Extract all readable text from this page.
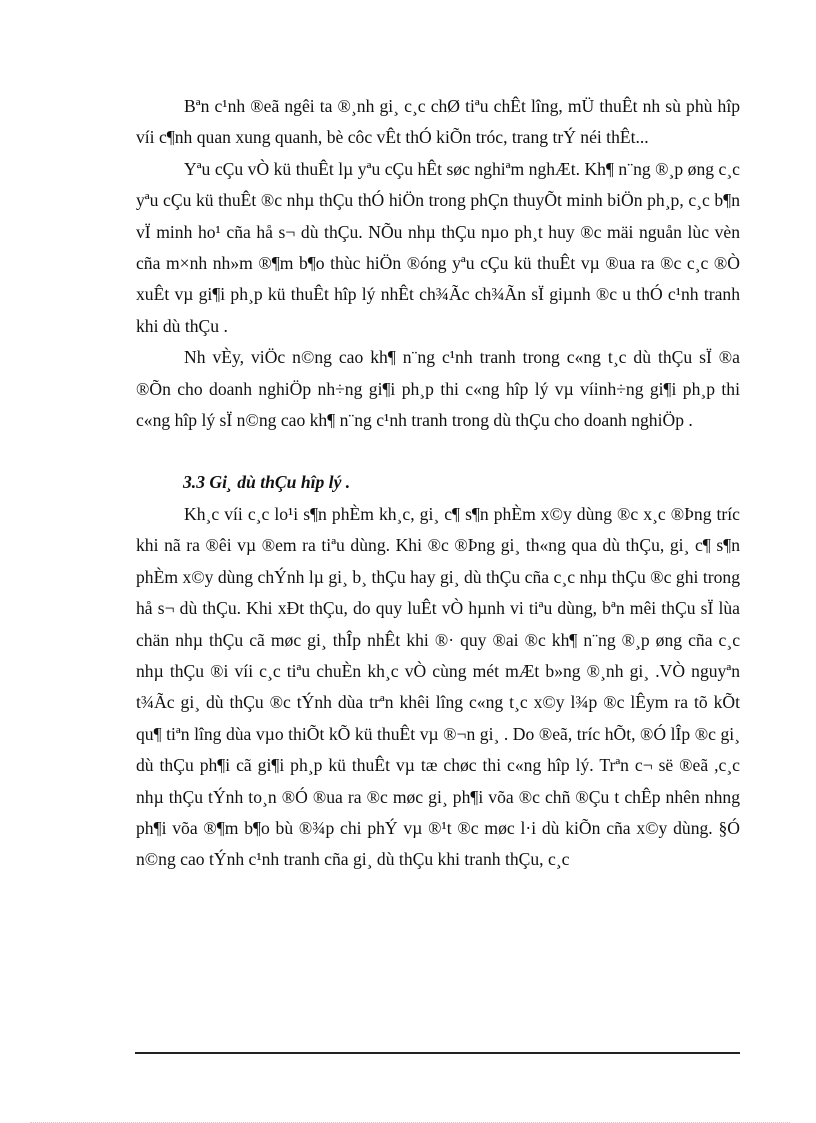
Bªn c¹nh ®eã ngêi ta ®¸nh gi¸ c¸c chØ tiªu chÊt lîng, mÜ thuÊt nh sù phù hîp víi c¶nh quan xung quanh, bè côc vÊt thÓ kiÕn tróc, trang trÝ néi thÊt...

Yªu cÇu vÒ kü thuÊt lµ yªu cÇu hÊt søc nghiªm nghÆt. Kh¶ n¨ng ®¸p øng c¸c yªu cÇu kü thuÊt ®c nhµ thÇu thÓ hiÖn trong phÇn thuyÕt minh biÖn ph¸p, c¸c b¶n vÏ minh ho¹ cña hå s¬ dù thÇu. NÕu nhµ thÇu nµo ph¸t huy ®c mäi nguån lùc vèn cña m×nh nh»m ®¶m b¶o thùc hiÖn ®óng yªu cÇu kü thuÊt vµ ®ua ra ®c c¸c ®Ò xuÊt vµ gi¶i ph¸p kü thuÊt hîp lý nhÊt ch¾Ãc ch¾Ãn sÏ giµnh ®c u thÓ c¹nh tranh khi dù thÇu .

Nh vÈy, viÖc n©ng cao kh¶ n¨ng c¹nh tranh trong c«ng t¸c dù thÇu sÏ ®a ®Õn cho doanh nghiÖp nh÷ng gi¶i ph¸p thi c«ng hîp lý vµ víinh÷ng gi¶i ph¸p thi c«ng hîp lý sÏ n©ng cao kh¶ n¨ng c¹nh tranh trong dù thÇu cho doanh nghiÖp .

3.3 Gi¸ dù thÇu hîp lý .

Kh¸c víi c¸c lo¹i s¶n phÈm kh¸c, gi¸ c¶ s¶n phÈm x©y dùng ®c x¸c ®Þng tríc khi nã ra ®êi vµ ®em ra tiªu dùng. Khi ®c ®Þng gi¸ th«ng qua dù thÇu, gi¸ c¶ s¶n phÈm x©y dùng chÝnh lµ gi¸ b¸ thÇu hay gi¸ dù thÇu cña c¸c nhµ thÇu ®c ghi trong hå s¬ dù thÇu. Khi xÐt thÇu, do quy luÊt vÒ hµnh vi tiªu dùng, bªn mêi thÇu sÏ lùa chän nhµ thÇu cã møc gi¸ thÎp nhÊt khi ®· quy ®ai ®c kh¶ n¨ng ®¸p øng cña c¸c nhµ thÇu ®i víi c¸c tiªu chuÈn kh¸c vÒ cùng mét mÆt b»ng ®¸nh gi¸ .VÒ nguyªn t¾Ãc gi¸ dù thÇu ®c tÝnh dùa trªn khêi lîng c«ng t¸c x©y l¾p ®c lÊym ra tõ kÕt qu¶ tiªn lîng dùa vµo thiÕt kÕ kü thuÊt vµ ®¬n gi¸ . Do ®eã, tríc hÕt, ®Ó lÎp ®c gi¸ dù thÇu ph¶i cã gi¶i ph¸p kü thuÊt vµ tæ chøc thi c«ng hîp lý. Trªn c¬ së ®eã ,c¸c nhµ thÇu tÝnh to¸n ®Ó ®ua ra ®c møc gi¸ ph¶i võa ®c chñ ®Çu t chÊp nhên nhng ph¶i võa ®¶m b¶o bù ®¾p chi phÝ vµ ®¹t ®c møc l·i dù kiÕn cña x©y dùng. §Ó n©ng cao tÝnh c¹nh tranh cña gi¸ dù thÇu khi tranh thÇu, c¸c
